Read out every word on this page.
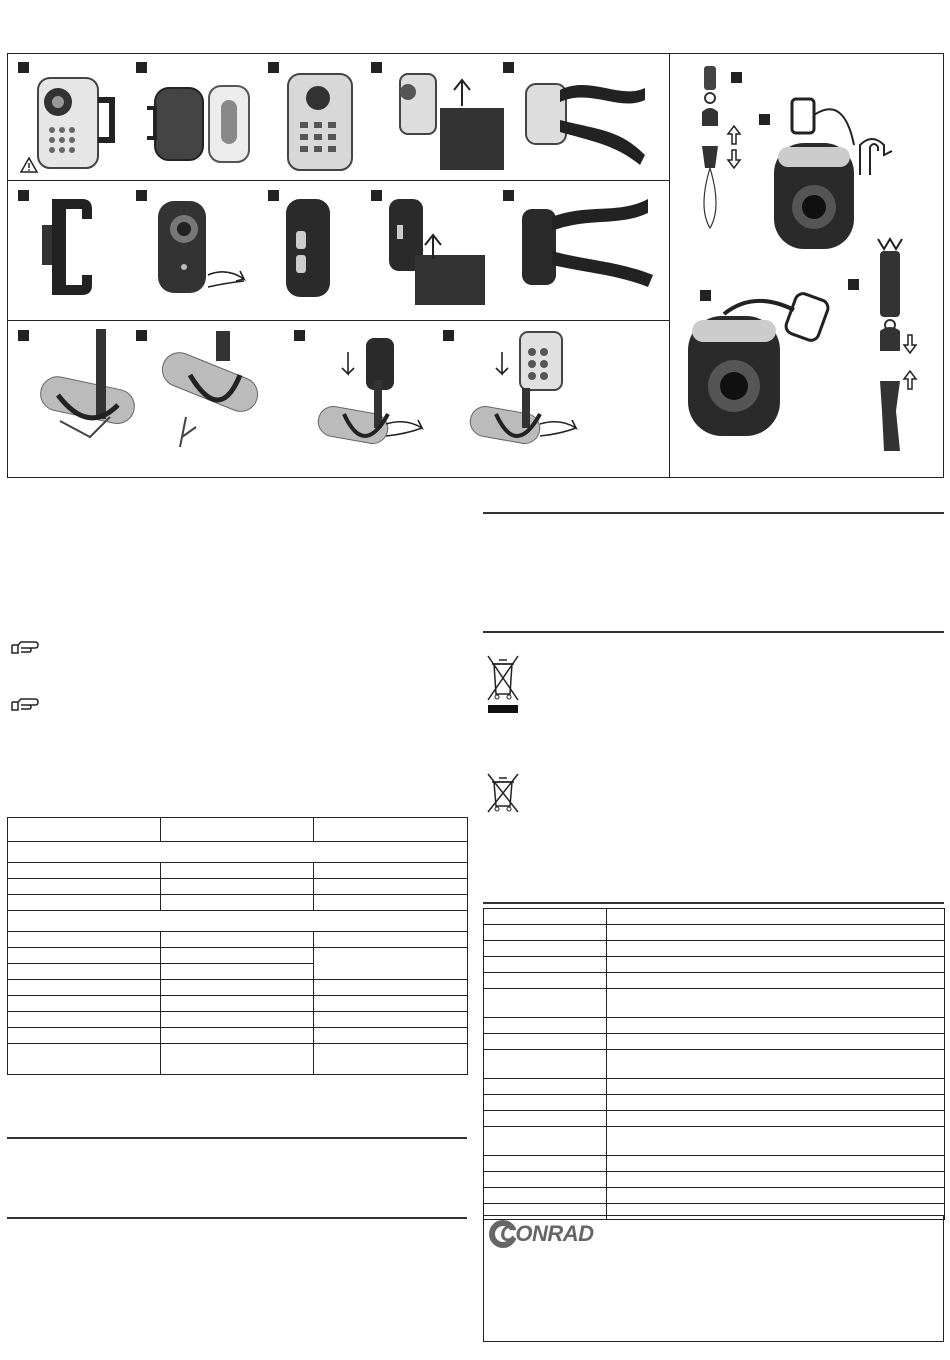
CONRAD
